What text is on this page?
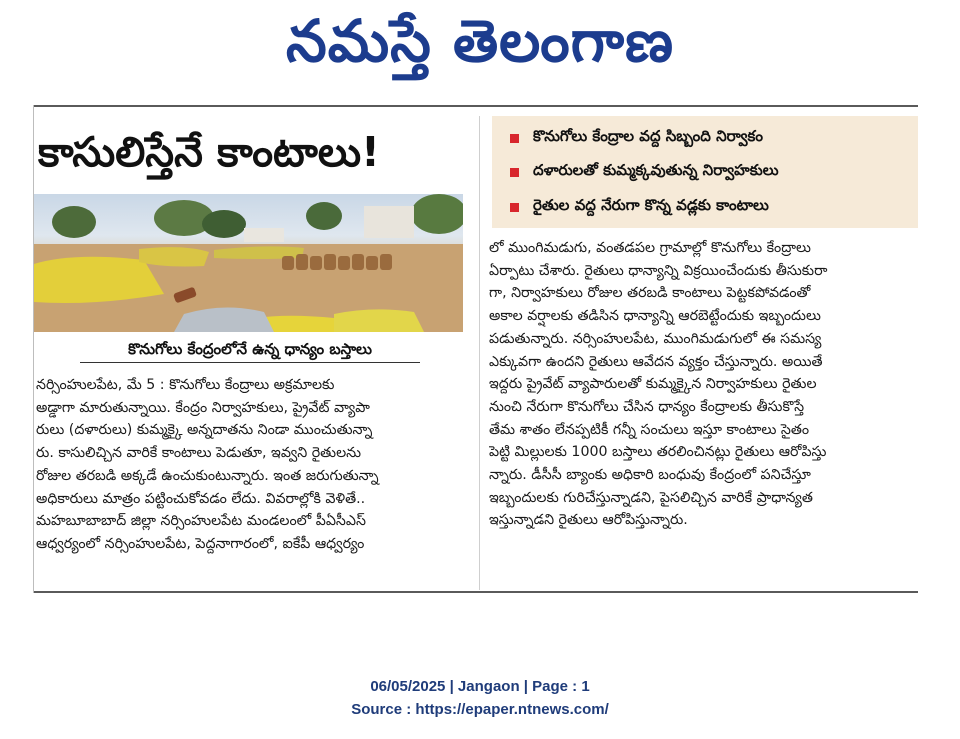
నమస్తే తెలంగాణ
కాసులిస్తేనే కాంటాలు!
కొనుగోలు కేంద్రంలోనే ఉన్న ధాన్యం బస్తాలు

నర్సింహులపేట, మే 5 : కొనుగోలు కేంద్రాలు అక్రమాలకు

అడ్డాగా మారుతున్నాయి. కేంద్రం నిర్వాహకులు, ప్రైవేట్ వ్యాపా

రులు (దళారులు) కుమ్మక్కై అన్నదాతను నిండా ముంచుతున్నా

రు. కాసులిచ్చిన వారికే కాంటాలు పెడుతూ, ఇవ్వని రైతులను

రోజుల తరబడి అక్కడే ఉంచుకుంటున్నారు. ఇంత జరుగుతున్నా

అధికారులు మాత్రం పట్టించుకోవడం లేదు. వివరాల్లోకి వెళితే..

మహబూబాబాద్ జిల్లా నర్సింహులపేట మండలంలో పీఏసీఎస్

ఆధ్వర్యంలో నర్సింహులపేట, పెద్దనాగారంలో, ఐకేపీ ఆధ్వర్యం

కొనుగోలు కేంద్రాల వద్ద సిబ్బంది నిర్వాకం
దళారులతో కుమ్మక్కవుతున్న నిర్వాహకులు
రైతుల వద్ద నేరుగా కొన్న వడ్లకు కాంటాలు

లో ముంగిమడుగు, వంతడపల గ్రామాల్లో కొనుగోలు కేంద్రాలు

ఏర్పాటు చేశారు. రైతులు ధాన్యాన్ని విక్రయించేందుకు తీసుకురా

గా, నిర్వాహకులు రోజుల తరబడి కాంటాలు పెట్టకపోవడంతో

అకాల వర్షాలకు తడిసిన ధాన్యాన్ని ఆరబెట్టేందుకు ఇబ్బందులు

పడుతున్నారు. నర్సింహులపేట, ముంగిమడుగులో ఈ సమస్య

ఎక్కువగా ఉందని రైతులు ఆవేదన వ్యక్తం చేస్తున్నారు. అయితే

ఇద్దరు ప్రైవేట్ వ్యాపారులతో కుమ్మక్కైన నిర్వాహకులు రైతుల

నుంచి నేరుగా కొనుగోలు చేసిన ధాన్యం కేంద్రాలకు తీసుకొస్తే

తేమ శాతం లేనప్పటికీ గన్నీ సంచులు ఇస్తూ కాంటాలు సైతం

పెట్టి మిల్లులకు 1000 బస్తాలు తరలించినట్లు రైతులు ఆరోపిస్తు

న్నారు. డీసీసీ బ్యాంకు అధికారి బంధువు కేంద్రంలో పనిచేస్తూ

ఇబ్బందులకు గురిచేస్తున్నాడని, పైసలిచ్చిన వారికే ప్రాధాన్యత

ఇస్తున్నాడని రైతులు ఆరోపిస్తున్నారు.

06/05/2025 | Jangaon | Page : 1
Source : https://epaper.ntnews.com/
